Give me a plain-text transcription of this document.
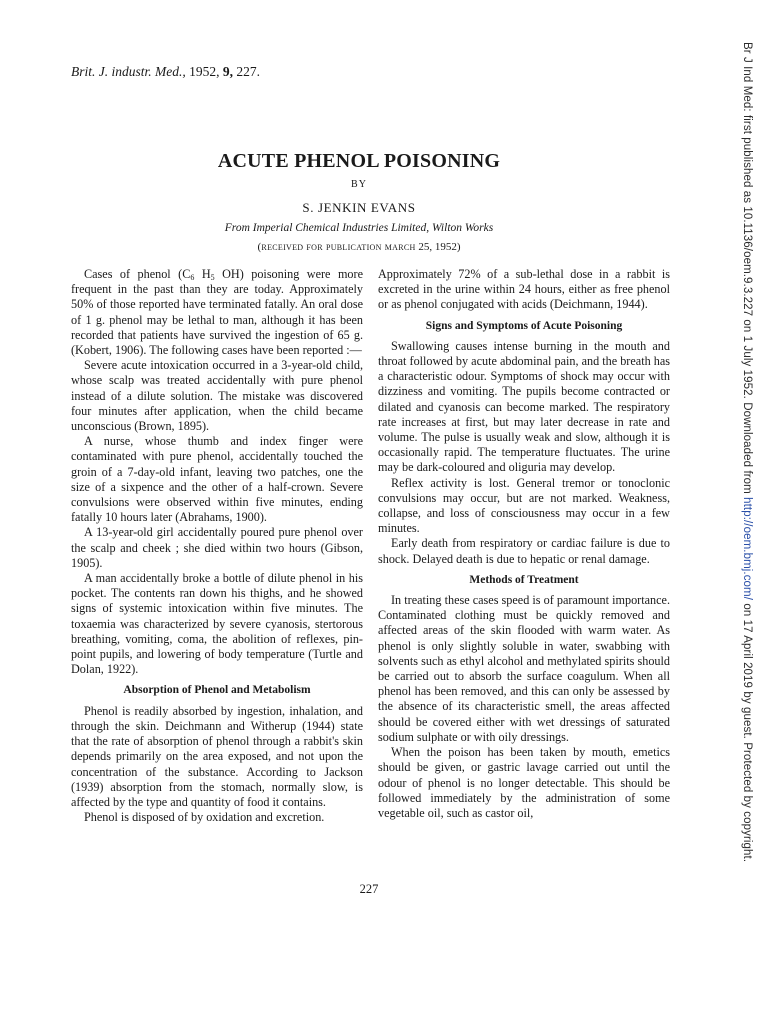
Brit. J. industr. Med., 1952, 9, 227.
ACUTE PHENOL POISONING
BY
S. JENKIN EVANS
From Imperial Chemical Industries Limited, Wilton Works
(received for publication march 25, 1952)

Cases of phenol ($C_6$ $H_5$ OH) poisoning were more frequent in the past than they are today. Approximately 50% of those reported have terminated fatally. An oral dose of 1 g. phenol may be lethal to man, although it has been recorded that patients have survived the ingestion of 65 g. (Kobert, 1906). The following cases have been reported :—

Severe acute intoxication occurred in a 3-year-old child, whose scalp was treated accidentally with pure phenol instead of a dilute solution. The mistake was discovered four minutes after application, when the child became unconscious (Brown, 1895).

A nurse, whose thumb and index finger were contaminated with pure phenol, accidentally touched the groin of a 7-day-old infant, leaving two patches, one the size of a sixpence and the other of a half-crown. Severe convulsions were observed within five minutes, ending fatally 10 hours later (Abrahams, 1900).

A 13-year-old girl accidentally poured pure phenol over the scalp and cheek ; she died within two hours (Gibson, 1905).

A man accidentally broke a bottle of dilute phenol in his pocket. The contents ran down his thighs, and he showed signs of systemic intoxication within five minutes. The toxaemia was characterized by severe cyanosis, stertorous breathing, vomiting, coma, the abolition of reflexes, pin-point pupils, and lowering of body temperature (Turtle and Dolan, 1922).

Absorption of Phenol and Metabolism

Phenol is readily absorbed by ingestion, inhalation, and through the skin. Deichmann and Witherup (1944) state that the rate of absorption of phenol through a rabbit's skin depends primarily on the area exposed, and not upon the concentration of the substance. According to Jackson (1939) absorption from the stomach, normally slow, is affected by the type and quantity of food it contains.

Phenol is disposed of by oxidation and excretion.

Approximately 72% of a sub-lethal dose in a rabbit is excreted in the urine within 24 hours, either as free phenol or as phenol conjugated with acids (Deichmann, 1944).

Signs and Symptoms of Acute Poisoning

Swallowing causes intense burning in the mouth and throat followed by acute abdominal pain, and the breath has a characteristic odour. Symptoms of shock may occur with dizziness and vomiting. The pupils become contracted or dilated and cyanosis can become marked. The respiratory rate increases at first, but may later decrease in rate and volume. The pulse is usually weak and slow, although it is occasionally rapid. The temperature fluctuates. The urine may be dark-coloured and oliguria may develop.

Reflex activity is lost. General tremor or tonoclonic convulsions may occur, but are not marked. Weakness, collapse, and loss of consciousness may occur in a few minutes.

Early death from respiratory or cardiac failure is due to shock. Delayed death is due to hepatic or renal damage.

Methods of Treatment

In treating these cases speed is of paramount importance. Contaminated clothing must be quickly removed and affected areas of the skin flooded with warm water. As phenol is only slightly soluble in water, swabbing with solvents such as ethyl alcohol and methylated spirits should be carried out to absorb the surface coagulum. When all phenol has been removed, and this can only be assessed by the absence of its characteristic smell, the areas affected should be covered either with wet dressings of saturated sodium sulphate or with oily dressings.

When the poison has been taken by mouth, emetics should be given, or gastric lavage carried out until the odour of phenol is no longer detectable. This should be followed immediately by the administration of some vegetable oil, such as castor oil,

227
Br J Ind Med: first published as 10.1136/oem.9.3.227 on 1 July 1952. Downloaded from http://oem.bmj.com/ on 17 April 2019 by guest. Protected by copyright.
